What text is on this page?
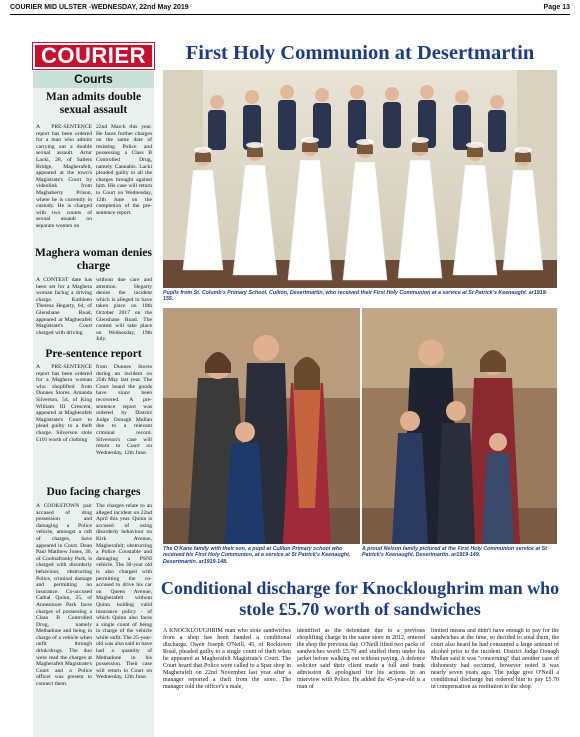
COURIER MID ULSTER -WEDNESDAY, 22nd May 2019	Page 13
COURIER
Courts
Man admits double sexual assault
A PRE-SENTENCE report has been ordered for a man who admits carrying out a double sexual assault. Artur Lacki, 28, of Salters Bridge, Magherafelt, appeared at the town's Magistrate's Court by videolink from Maghaberry Prison, where he is currently in custody. He is charged with two counts of sexual assault on separate women on
22nd March this year. He faces further charges on the same date of resisting Police and possessing a Class B Controlled Drug, namely Cannabis. Lacki pleaded guilty to all the charges brought against him. His case will return to Court on Wednesday, 12th June on the completion of the pre-sentence report.
Maghera woman denies charge
A CONTEST date has been set for a Maghera woman facing a driving charge. Kathleen Theresa Hegarty, 64, of Glenshane Road, appeared at Magherafelt Magistrate's Court charged with driving
without due care and attention. Hegarty denies the incident which is alleged to have taken place on 18th October 2017 on the Glenshane Road. The contest will take place on Wednesday, 19th July.
Pre-sentence report
A PRE-SENTENCE report has been ordered for a Maghera woman who shoplifted from Dunnes Stores. Amanda Silverson, 54, of King William III Crescent, appeared at Magherafelt Magistrate's Court to plead guilty to a theft charge. Silverson stole £110 worth of clothing
from Dunnes Stores during an incident on 25th May last year. The Court heard the goods have since been recovered. A pre-sentence report was ordered by District Judge Oonagh Mullan due to a relevant criminal record. Silverson's case will return to Court on Wednesday, 12th June.
Duo facing charges
A COOKSTOWN pair accused of drug possession and damaging a Police vehicle, amongst a raft of charges, have appeared in Court. Dean Paul Matthew Jones, 30, of Coolnafranky Park, is charged with disorderly behaviour, obstructing Police, criminal damage and permitting no insurance. Co-accused Cathal Quinn, 25, of Annesmore Park faces charges of possessing a Class B Controlled Drug, namely Methadone and being in charge of a vehicle when unfit through drink/drugs. The duo were read the charges at Magherafelt Magistrate's Court and a Police officer was present to connect them.
The charges relate to an alleged incident on 22nd April this year. Quinn is accused of using disorderly behaviour on Kirk Avenue, Magherafelt; obstructing a Police Constable and damaging a PSNI vehicle. The 30-year old is also charged with permitting the co-accused to drive his car on Queen Avenue, Magherafelt without Quinn holding valid insurance policy - of which Quinn also faces a single count of being in charge of the vehicle while unfit. The 25-year-old was also said to have had a quantity of Methadone in his possession. Their case will return to Court on Wednesday, 12th June.
First Holy Communion at Desertmartin
Pupils from St. Columb's Primary School, Cullion, Desertmartin, who received their First Holy Communion at a service at St Patrick's Keenaught. ar1919-155.
The O'Kane family with their son, a pupil at Cullion Primary school who received his First Holy Communion, at a service at St Patrick's Keenaught, Desertmartin. ar1919-148.
A proud Nelson family pictured at the First Holy Communion service at St Patrick's Keenaught, Desertmartin. ar1919-149.
Conditional discharge for Knockloughrim man who stole £5.70 worth of sandwiches
A KNOCKLOUGHRIM man who stole sandwiches from a shop has been handed a conditional discharge. Owen Joseph O'Neill, 45, of Rocktown Road, pleaded guilty to a single count of theft when he appeared at Magherafelt Magistrate's Court. The Court heard that Police were called to a Spar shop in Magherafelt on 22nd November last year after a manager reported a theft from the store. The manager told the officer's a male,
identified as the defendant due to a previous shoplifting charge in the same store in 2012, entered the shop the previous day. O'Neill lifted two packs of sandwiches worth £5.70 and stuffed them under his jacket before walking out without paying. A defence solicitor said their client made a full and frank admission & apologised for his actions in an interview with Police. He added the 45-year-old is a man of
limited means and didn't have enough to pay for the sandwiches at the time, so decided to steal them, the court also heard he had consumed a large amount of alcohol prior to the incident. District Judge Oonagh Mullan said it was "concerning" that another case of dishonesty had occurred, however noted it was nearly seven years ago. The judge give O'Neill a conditional discharge but ordered him to pay £5.70 in compensation as restitution to the shop.
